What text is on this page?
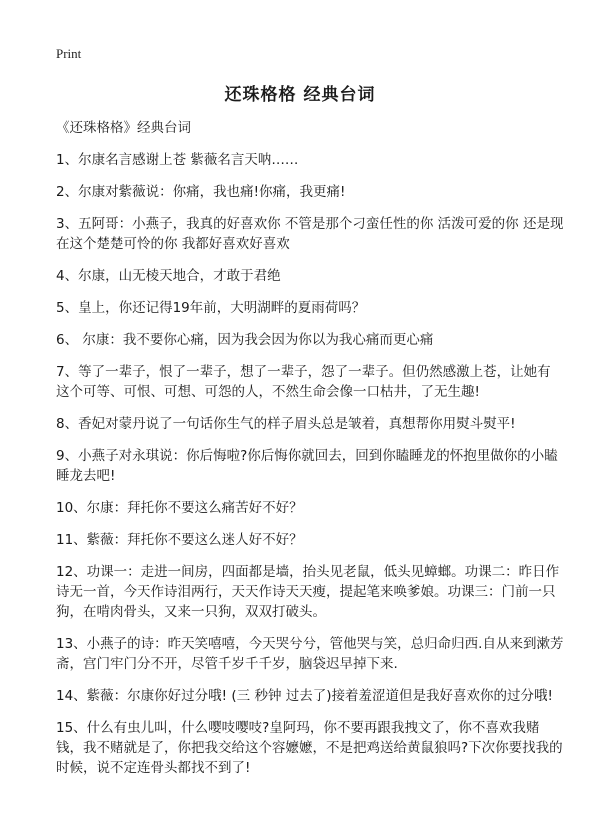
Print
还珠格格 经典台词

《还珠格格》经典台词

1、尔康名言感谢上苍 紫薇名言天呐……

2、尔康对紫薇说：你痛，我也痛!你痛，我更痛!

3、五阿哥：小燕子，我真的好喜欢你 不管是那个刁蛮任性的你 活泼可爱的你 还是现在这个楚楚可怜的你 我都好喜欢好喜欢

4、尔康，山无棱天地合，才敢于君绝

5、皇上，你还记得19年前，大明湖畔的夏雨荷吗？

6、 尔康：我不要你心痛，因为我会因为你以为我心痛而更心痛

7、等了一辈子，恨了一辈子，想了一辈子，怨了一辈子。但仍然感激上苍，让她有这个可等、可恨、可想、可怨的人，不然生命会像一口枯井，了无生趣!

8、香妃对蒙丹说了一句话你生气的样子眉头总是皱着，真想帮你用熨斗熨平!

9、小燕子对永琪说：你后悔啦?你后悔你就回去，回到你瞌睡龙的怀抱里做你的小瞌睡龙去吧!

10、尔康：拜托你不要这么痛苦好不好？

11、紫薇：拜托你不要这么迷人好不好？

12、功课一：走进一间房，四面都是墙，抬头见老鼠，低头见蟑螂。功课二：昨日作诗无一首，今天作诗泪两行，天天作诗天天瘦，提起笔来唤爹娘。功课三：门前一只狗，在啃肉骨头，又来一只狗，双双打破头。

13、小燕子的诗：昨天笑嘻嘻，今天哭兮兮，管他哭与笑，总归命归西.自从来到漱芳斋，宫门牢门分不开，尽管千岁千千岁，脑袋迟早掉下来.

14、紫薇：尔康你好过分哦! (三 秒钟 过去了)接着羞涩道但是我好喜欢你的过分哦!

15、什么有虫儿叫，什么嘤吱嘤吱?皇阿玛，你不要再跟我拽文了，你不喜欢我赌钱，我不赌就是了，你把我交给这个容嬷嬷，不是把鸡送给黄鼠狼吗?下次你要找我的时候，说不定连骨头都找不到了!
